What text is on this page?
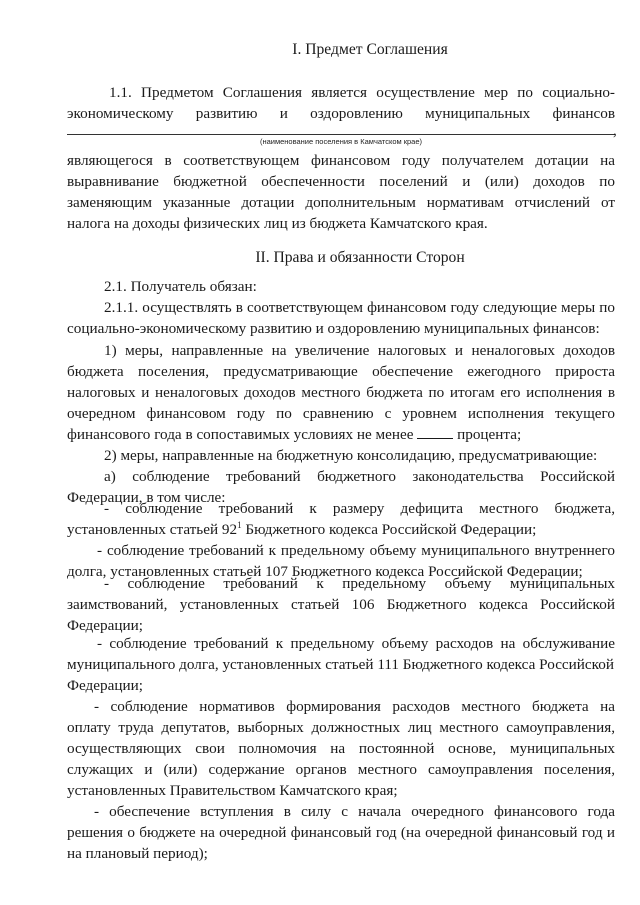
I. Предмет Соглашения
1.1. Предметом Соглашения является осуществление мер по социально-
экономическому развитию и оздоровлению муниципальных финансов
,
(наименование поселения в Камчатском крае)
являющегося в соответствующем финансовом году получателем дотации на
выравнивание бюджетной обеспеченности поселений и (или) доходов по
заменяющим указанные дотации дополнительным нормативам отчислений от
налога на доходы физических лиц из бюджета Камчатского края.
II. Права и обязанности Сторон
2.1. Получатель обязан:
2.1.1. осуществлять в соответствующем финансовом году следующие меры по
социально-экономическому развитию и оздоровлению муниципальных финансов:
1) меры, направленные на увеличение налоговых и неналоговых доходов
бюджета поселения, предусматривающие обеспечение ежегодного прироста
налоговых и неналоговых доходов местного бюджета по итогам его исполнения в
очередном финансовом году по сравнению с уровнем исполнения текущего
финансового года в сопоставимых условиях не менее	процента;
2) меры, направленные на бюджетную консолидацию, предусматривающие:
а) соблюдение требований бюджетного законодательства Российской
Федерации, в том числе:
- соблюдение требований к размеру дефицита местного бюджета,
установленных статьей $92^1$ Бюджетного кодекса Российской Федерации;
- соблюдение требований к предельному объему муниципального внутреннего
долга, установленных статьей 107 Бюджетного кодекса Российской Федерации;
- соблюдение требований к предельному объему муниципальных
заимствований, установленных статьей 106 Бюджетного кодекса Российской
Федерации;
- соблюдение требований к предельному объему расходов на обслуживание
муниципального долга, установленных статьей 111 Бюджетного кодекса Российской
Федерации;
- соблюдение нормативов формирования расходов местного бюджета на
оплату труда депутатов, выборных должностных лиц местного самоуправления,
осуществляющих свои полномочия на постоянной основе, муниципальных
служащих и (или) содержание органов местного самоуправления поселения,
установленных Правительством Камчатского края;
- обеспечение вступления в силу с начала очередного финансового года
решения о бюджете на очередной финансовый год (на очередной финансовый год и
на плановый период);
